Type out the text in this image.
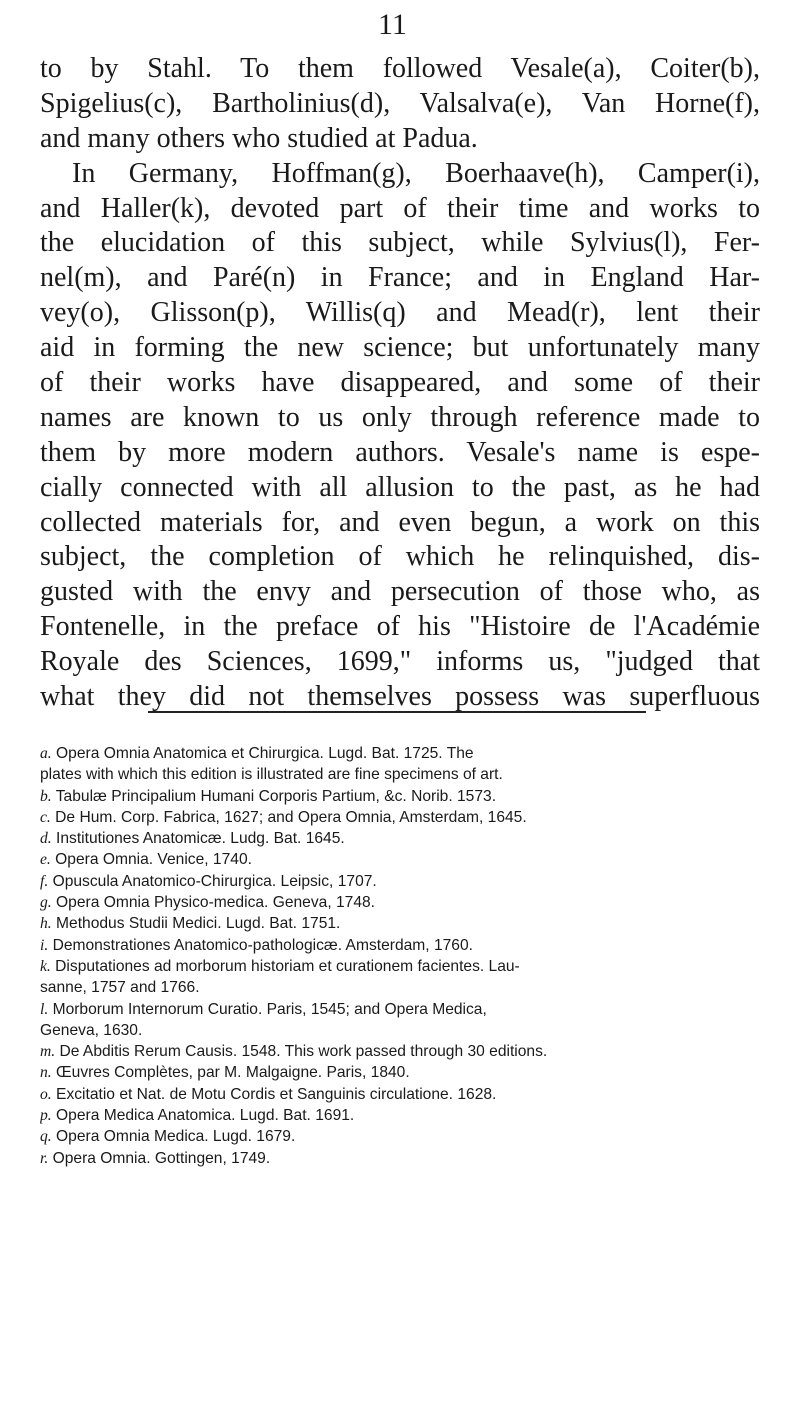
11
to by Stahl. To them followed Vesale(a), Coiter(b),
Spigelius(c), Bartholinius(d), Valsalva(e), Van Horne(f),
and many others who studied at Padua.
In Germany, Hoffman(g), Boerhaave(h), Camper(i),
and Haller(k), devoted part of their time and works to
the elucidation of this subject, while Sylvius(l), Fer-
nel(m), and Paré(n) in France; and in England Har-
vey(o), Glisson(p), Willis(q) and Mead(r), lent their
aid in forming the new science; but unfortunately many
of their works have disappeared, and some of their
names are known to us only through reference made to
them by more modern authors. Vesale's name is espe-
cially connected with all allusion to the past, as he had
collected materials for, and even begun, a work on this
subject, the completion of which he relinquished, dis-
gusted with the envy and persecution of those who, as
Fontenelle, in the preface of his "Histoire de l'Académie
Royale des Sciences, 1699," informs us, "judged that
what they did not themselves possess was superfluous
a. Opera Omnia Anatomica et Chirurgica. Lugd. Bat. 1725. The
plates with which this edition is illustrated are fine specimens of art.
b. Tabulæ Principalium Humani Corporis Partium, &c. Norib. 1573.
c. De Hum. Corp. Fabrica, 1627; and Opera Omnia, Amsterdam, 1645.
d. Institutiones Anatomicæ. Ludg. Bat. 1645.
e. Opera Omnia. Venice, 1740.
f. Opuscula Anatomico-Chirurgica. Leipsic, 1707.
g. Opera Omnia Physico-medica. Geneva, 1748.
h. Methodus Studii Medici. Lugd. Bat. 1751.
i. Demonstrationes Anatomico-pathologicæ. Amsterdam, 1760.
k. Disputationes ad morborum historiam et curationem facientes. Lau-
sanne, 1757 and 1766.
l. Morborum Internorum Curatio. Paris, 1545; and Opera Medica,
Geneva, 1630.
m. De Abditis Rerum Causis. 1548. This work passed through 30 editions.
n. Œuvres Complètes, par M. Malgaigne. Paris, 1840.
o. Excitatio et Nat. de Motu Cordis et Sanguinis circulatione. 1628.
p. Opera Medica Anatomica. Lugd. Bat. 1691.
q. Opera Omnia Medica. Lugd. 1679.
r. Opera Omnia. Gottingen, 1749.
